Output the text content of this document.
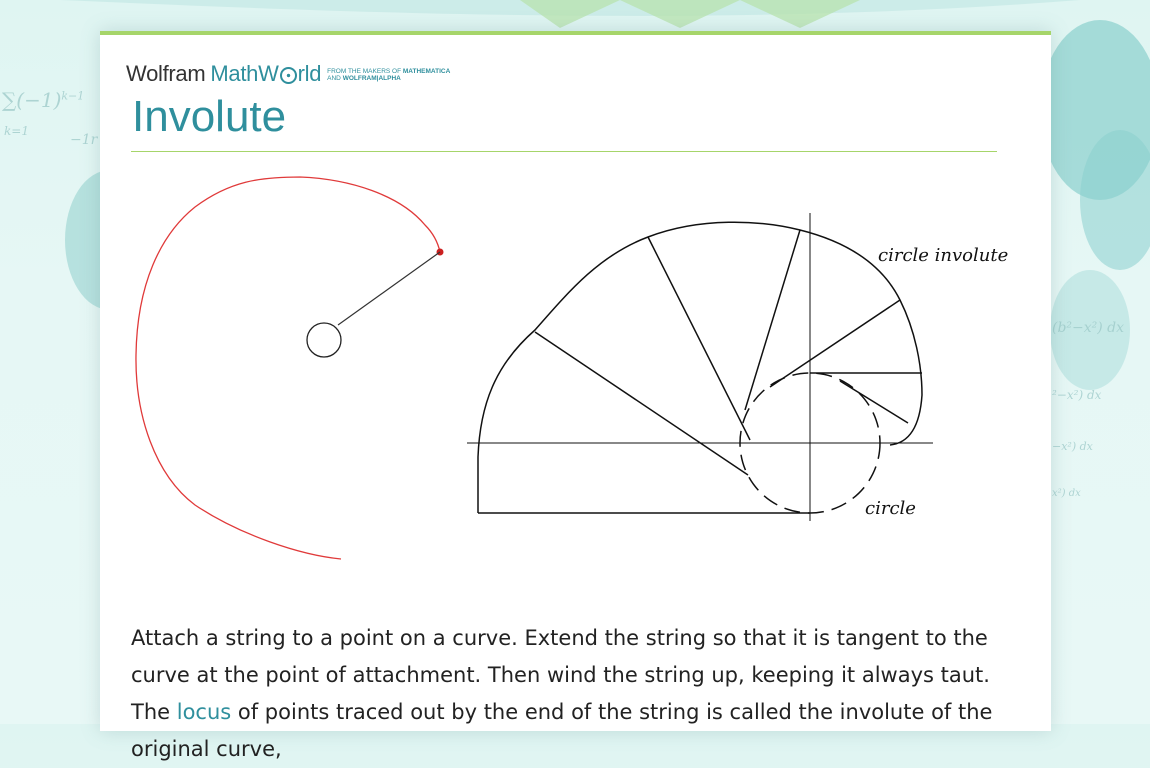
$\sum(-1)^{k-1}$
k=1
−1r
(b²−x²) dx
²−x²) dx
−x²) dx
x²) dx
Wolfram MathW rld FROM THE MAKERS OF MATHEMATICA
AND WOLFRAM|ALPHA
Involute
circle involute
circle

Attach a string to a point on a curve. Extend the string so that it is tangent to the curve at the point of attachment. Then wind the string up, keeping it always taut. The locus of points traced out by the end of the string is called the involute of the original curve,
